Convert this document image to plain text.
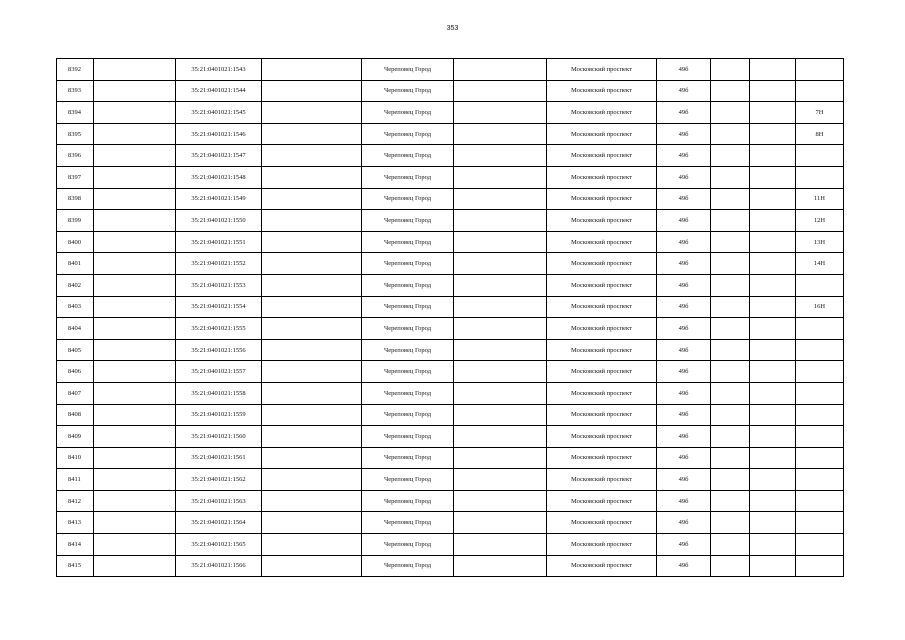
353
8392		35:21:0401021:1543		Череповец Город		Московский проспект	49б			
8393		35:21:0401021:1544		Череповец Город		Московский проспект	49б			
8394		35:21:0401021:1545		Череповец Город		Московский проспект	49б			7Н
8395		35:21:0401021:1546		Череповец Город		Московский проспект	49б			8Н
8396		35:21:0401021:1547		Череповец Город		Московский проспект	49б			
8397		35:21:0401021:1548		Череповец Город		Московский проспект	49б			
8398		35:21:0401021:1549		Череповец Город		Московский проспект	49б			11Н
8399		35:21:0401021:1550		Череповец Город		Московский проспект	49б			12Н
8400		35:21:0401021:1551		Череповец Город		Московский проспект	49б			13Н
8401		35:21:0401021:1552		Череповец Город		Московский проспект	49б			14Н
8402		35:21:0401021:1553		Череповец Город		Московский проспект	49б			
8403		35:21:0401021:1554		Череповец Город		Московский проспект	49б			16Н
8404		35:21:0401021:1555		Череповец Город		Московский проспект	49б			
8405		35:21:0401021:1556		Череповец Город		Московский проспект	49б			
8406		35:21:0401021:1557		Череповец Город		Московский проспект	49б			
8407		35:21:0401021:1558		Череповец Город		Московский проспект	49б			
8408		35:21:0401021:1559		Череповец Город		Московский проспект	49б			
8409		35:21:0401021:1560		Череповец Город		Московский проспект	49б			
8410		35:21:0401021:1561		Череповец Город		Московский проспект	49б			
8411		35:21:0401021:1562		Череповец Город		Московский проспект	49б			
8412		35:21:0401021:1563		Череповец Город		Московский проспект	49б			
8413		35:21:0401021:1564		Череповец Город		Московский проспект	49б			
8414		35:21:0401021:1565		Череповец Город		Московский проспект	49б			
8415		35:21:0401021:1566		Череповец Город		Московский проспект	49б			
